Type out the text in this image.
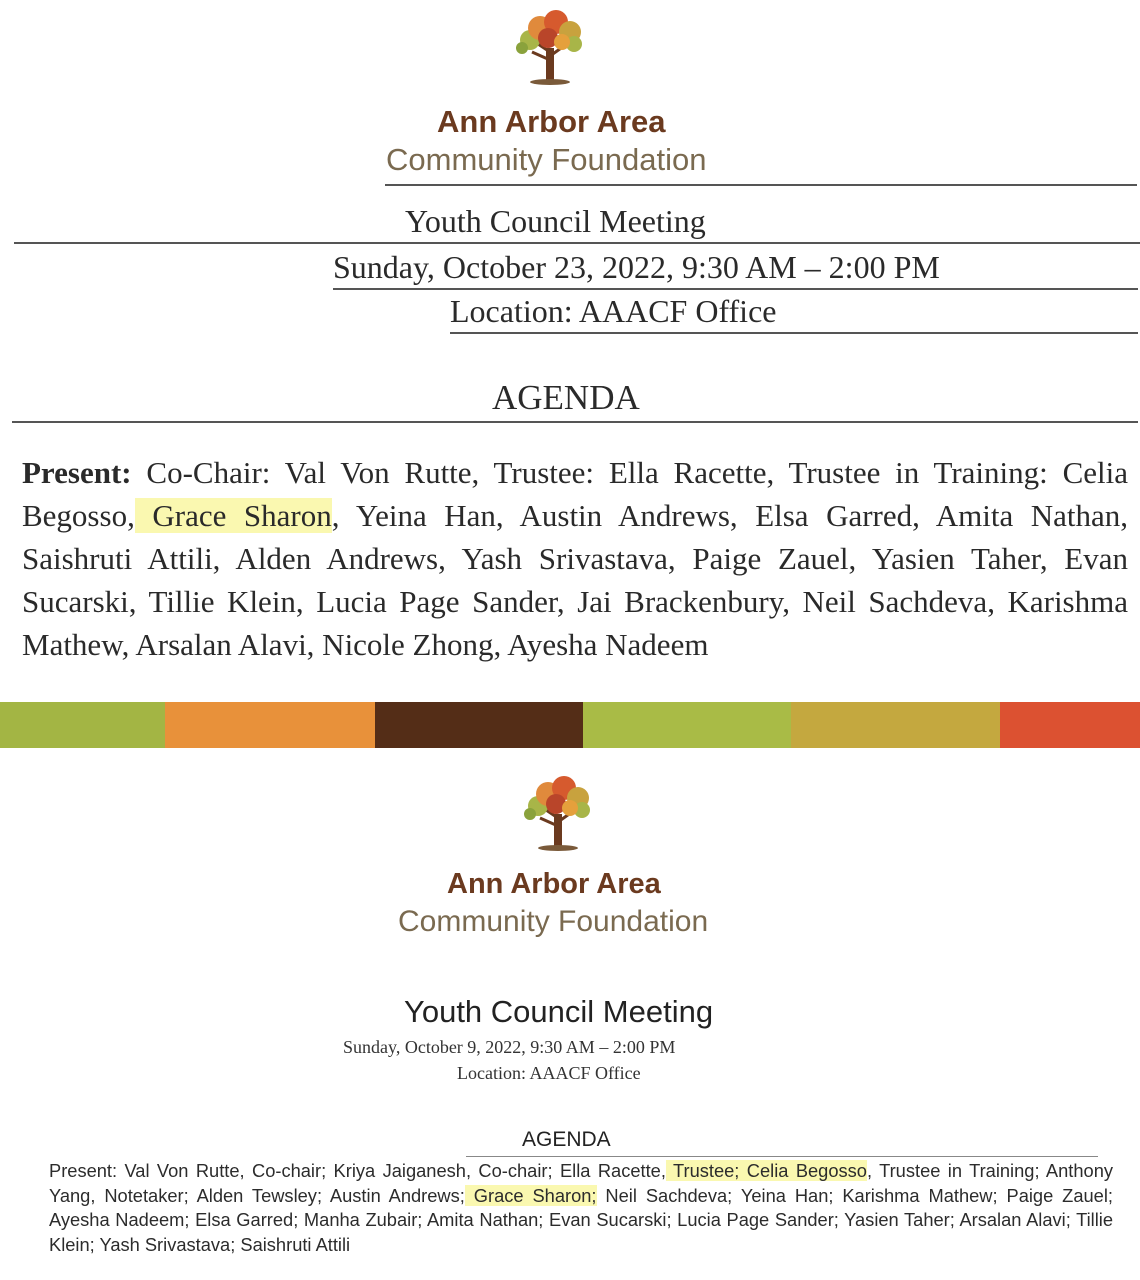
Ann Arbor Area
Community Foundation
Youth Council Meeting
Sunday, October 23, 2022, 9:30 AM – 2:00 PM
Location: AAACF Office
AGENDA
Present: Co-Chair: Val Von Rutte, Trustee: Ella Racette, Trustee in Training: Celia Begosso, Grace Sharon, Yeina Han, Austin Andrews, Elsa Garred, Amita Nathan, Saishruti Attili, Alden Andrews, Yash Srivastava, Paige Zauel, Yasien Taher, Evan Sucarski, Tillie Klein, Lucia Page Sander, Jai Brackenbury, Neil Sachdeva, Karishma Mathew, Arsalan Alavi, Nicole Zhong, Ayesha Nadeem
Ann Arbor Area
Community Foundation
Youth Council Meeting
Sunday, October 9, 2022, 9:30 AM – 2:00 PM
Location: AAACF Office
AGENDA
Present: Val Von Rutte, Co-chair; Kriya Jaiganesh, Co-chair; Ella Racette, Trustee; Celia Begosso, Trustee in Training; Anthony Yang, Notetaker; Alden Tewsley; Austin Andrews; Grace Sharon; Neil Sachdeva; Yeina Han; Karishma Mathew; Paige Zauel; Ayesha Nadeem; Elsa Garred; Manha Zubair; Amita Nathan; Evan Sucarski; Lucia Page Sander; Yasien Taher; Arsalan Alavi; Tillie Klein; Yash Srivastava; Saishruti Attili
